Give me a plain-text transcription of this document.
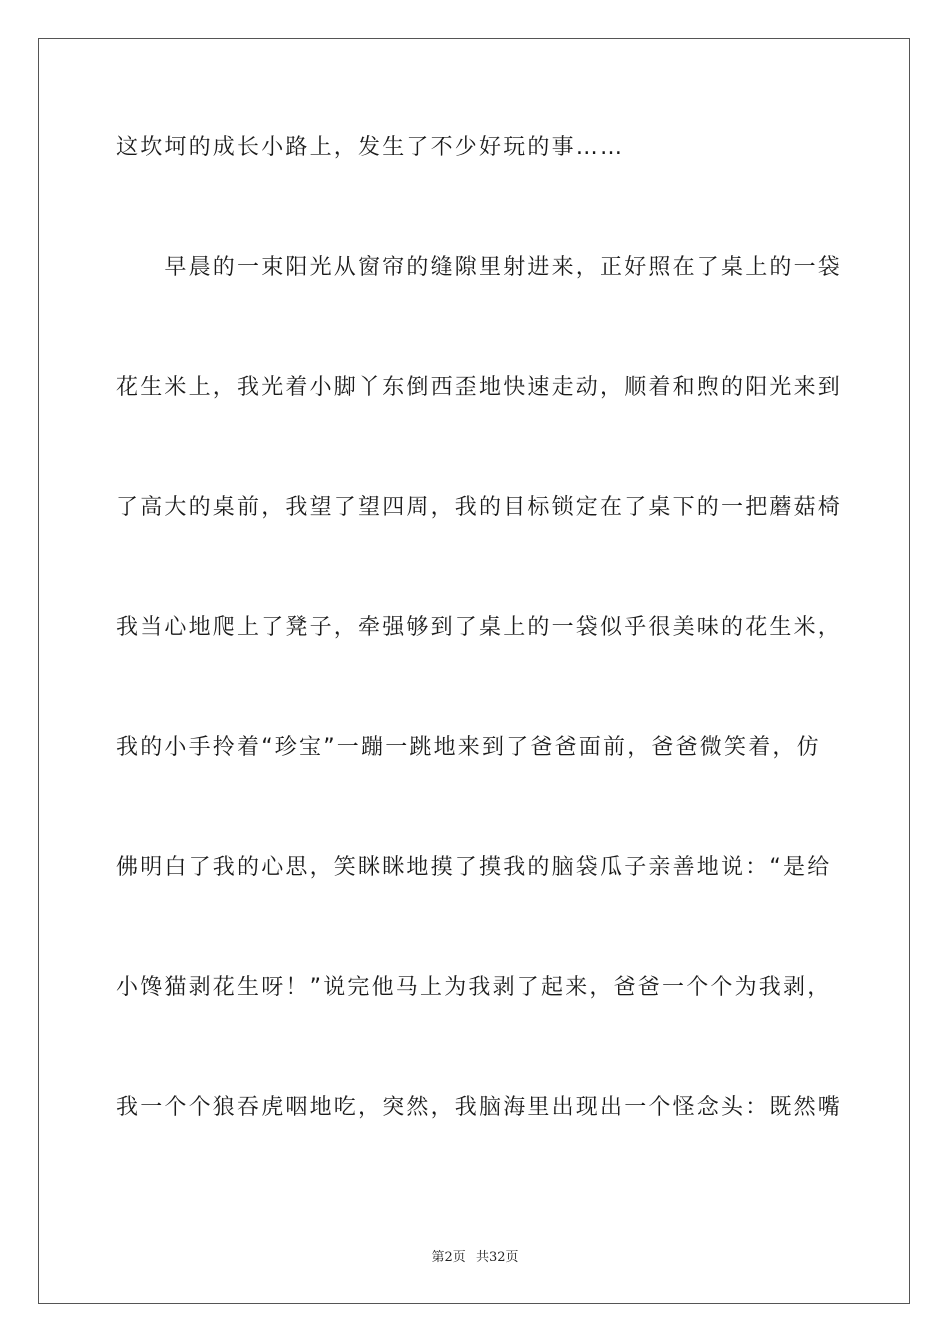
这坎坷的成长小路上，发生了不少好玩的事……
　　早晨的一束阳光从窗帘的缝隙里射进来，正好照在了桌上的一袋
花生米上，我光着小脚丫东倒西歪地快速走动，顺着和煦的阳光来到
了高大的桌前，我望了望四周，我的目标锁定在了桌下的一把蘑菇椅
我当心地爬上了凳子，牵强够到了桌上的一袋似乎很美味的花生米，
我的小手拎着“珍宝”一蹦一跳地来到了爸爸面前，爸爸微笑着，仿
佛明白了我的心思，笑眯眯地摸了摸我的脑袋瓜子亲善地说：“是给
小馋猫剥花生呀！”说完他马上为我剥了起来，爸爸一个个为我剥，
我一个个狼吞虎咽地吃，突然，我脑海里出现出一个怪念头：既然嘴
第2页 共32页
